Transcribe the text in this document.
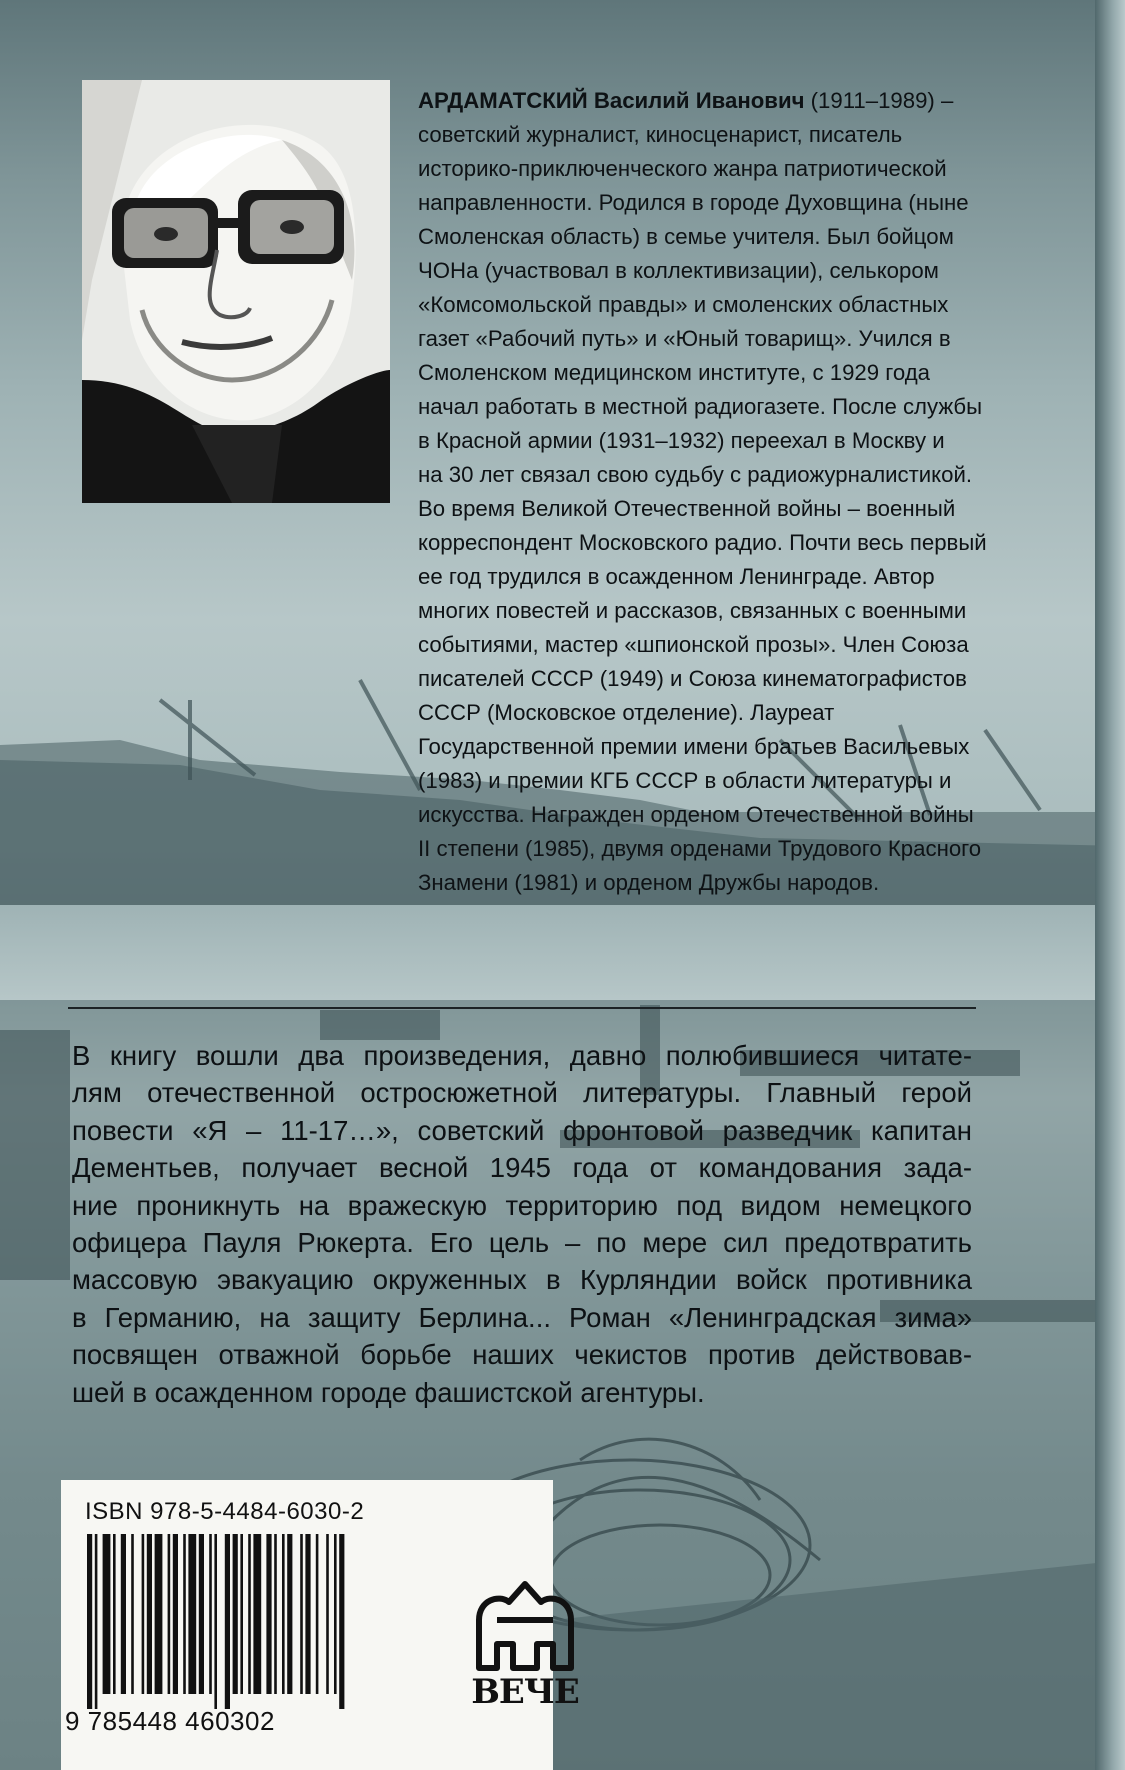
АРДАМАТСКИЙ Василий Иванович (1911–1989) –
советский журналист, киносценарист, писатель
историко-приключенческого жанра патриотической
направленности. Родился в городе Духовщина (ныне
Смоленская область) в семье учителя. Был бойцом
ЧОНа (участвовал в коллективизации), селькором
«Комсомольской правды» и смоленских областных
газет «Рабочий путь» и «Юный товарищ». Учился в
Смоленском медицинском институте, с 1929 года
начал работать в местной радиогазете. После службы
в Красной армии (1931–1932) переехал в Москву и
на 30 лет связал свою судьбу с радиожурналистикой.
Во время Великой Отечественной войны – военный
корреспондент Московского радио. Почти весь первый
ее год трудился в осажденном Ленинграде. Автор
многих повестей и рассказов, связанных с военными
событиями, мастер «шпионской прозы». Член Союза
писателей СССР (1949) и Союза кинематографистов
СССР (Московское отделение). Лауреат
Государственной премии имени братьев Васильевых
(1983) и премии КГБ СССР в области литературы и
искусства. Награжден орденом Отечественной войны
II степени (1985), двумя орденами Трудового Красного
Знамени (1981) и орденом Дружбы народов.
В книгу вошли два произведения, давно полюбившиеся читате-
лям отечественной остросюжетной литературы. Главный герой
повести «Я – 11-17…», советский фронтовой разведчик капитан
Дементьев, получает весной 1945 года от командования зада-
ние проникнуть на вражескую территорию под видом немецкого
офицера Пауля Рюкерта. Его цель – по мере сил предотвратить
массовую эвакуацию окруженных в Курляндии войск противника
в Германию, на защиту Берлина... Роман «Ленинградская зима»
посвящен отважной борьбе наших чекистов против действовав-
шей в осажденном городе фашистской агентуры.
ISBN 978-5-4484-6030-2
9 785448 460302
ВЕЧЕ
